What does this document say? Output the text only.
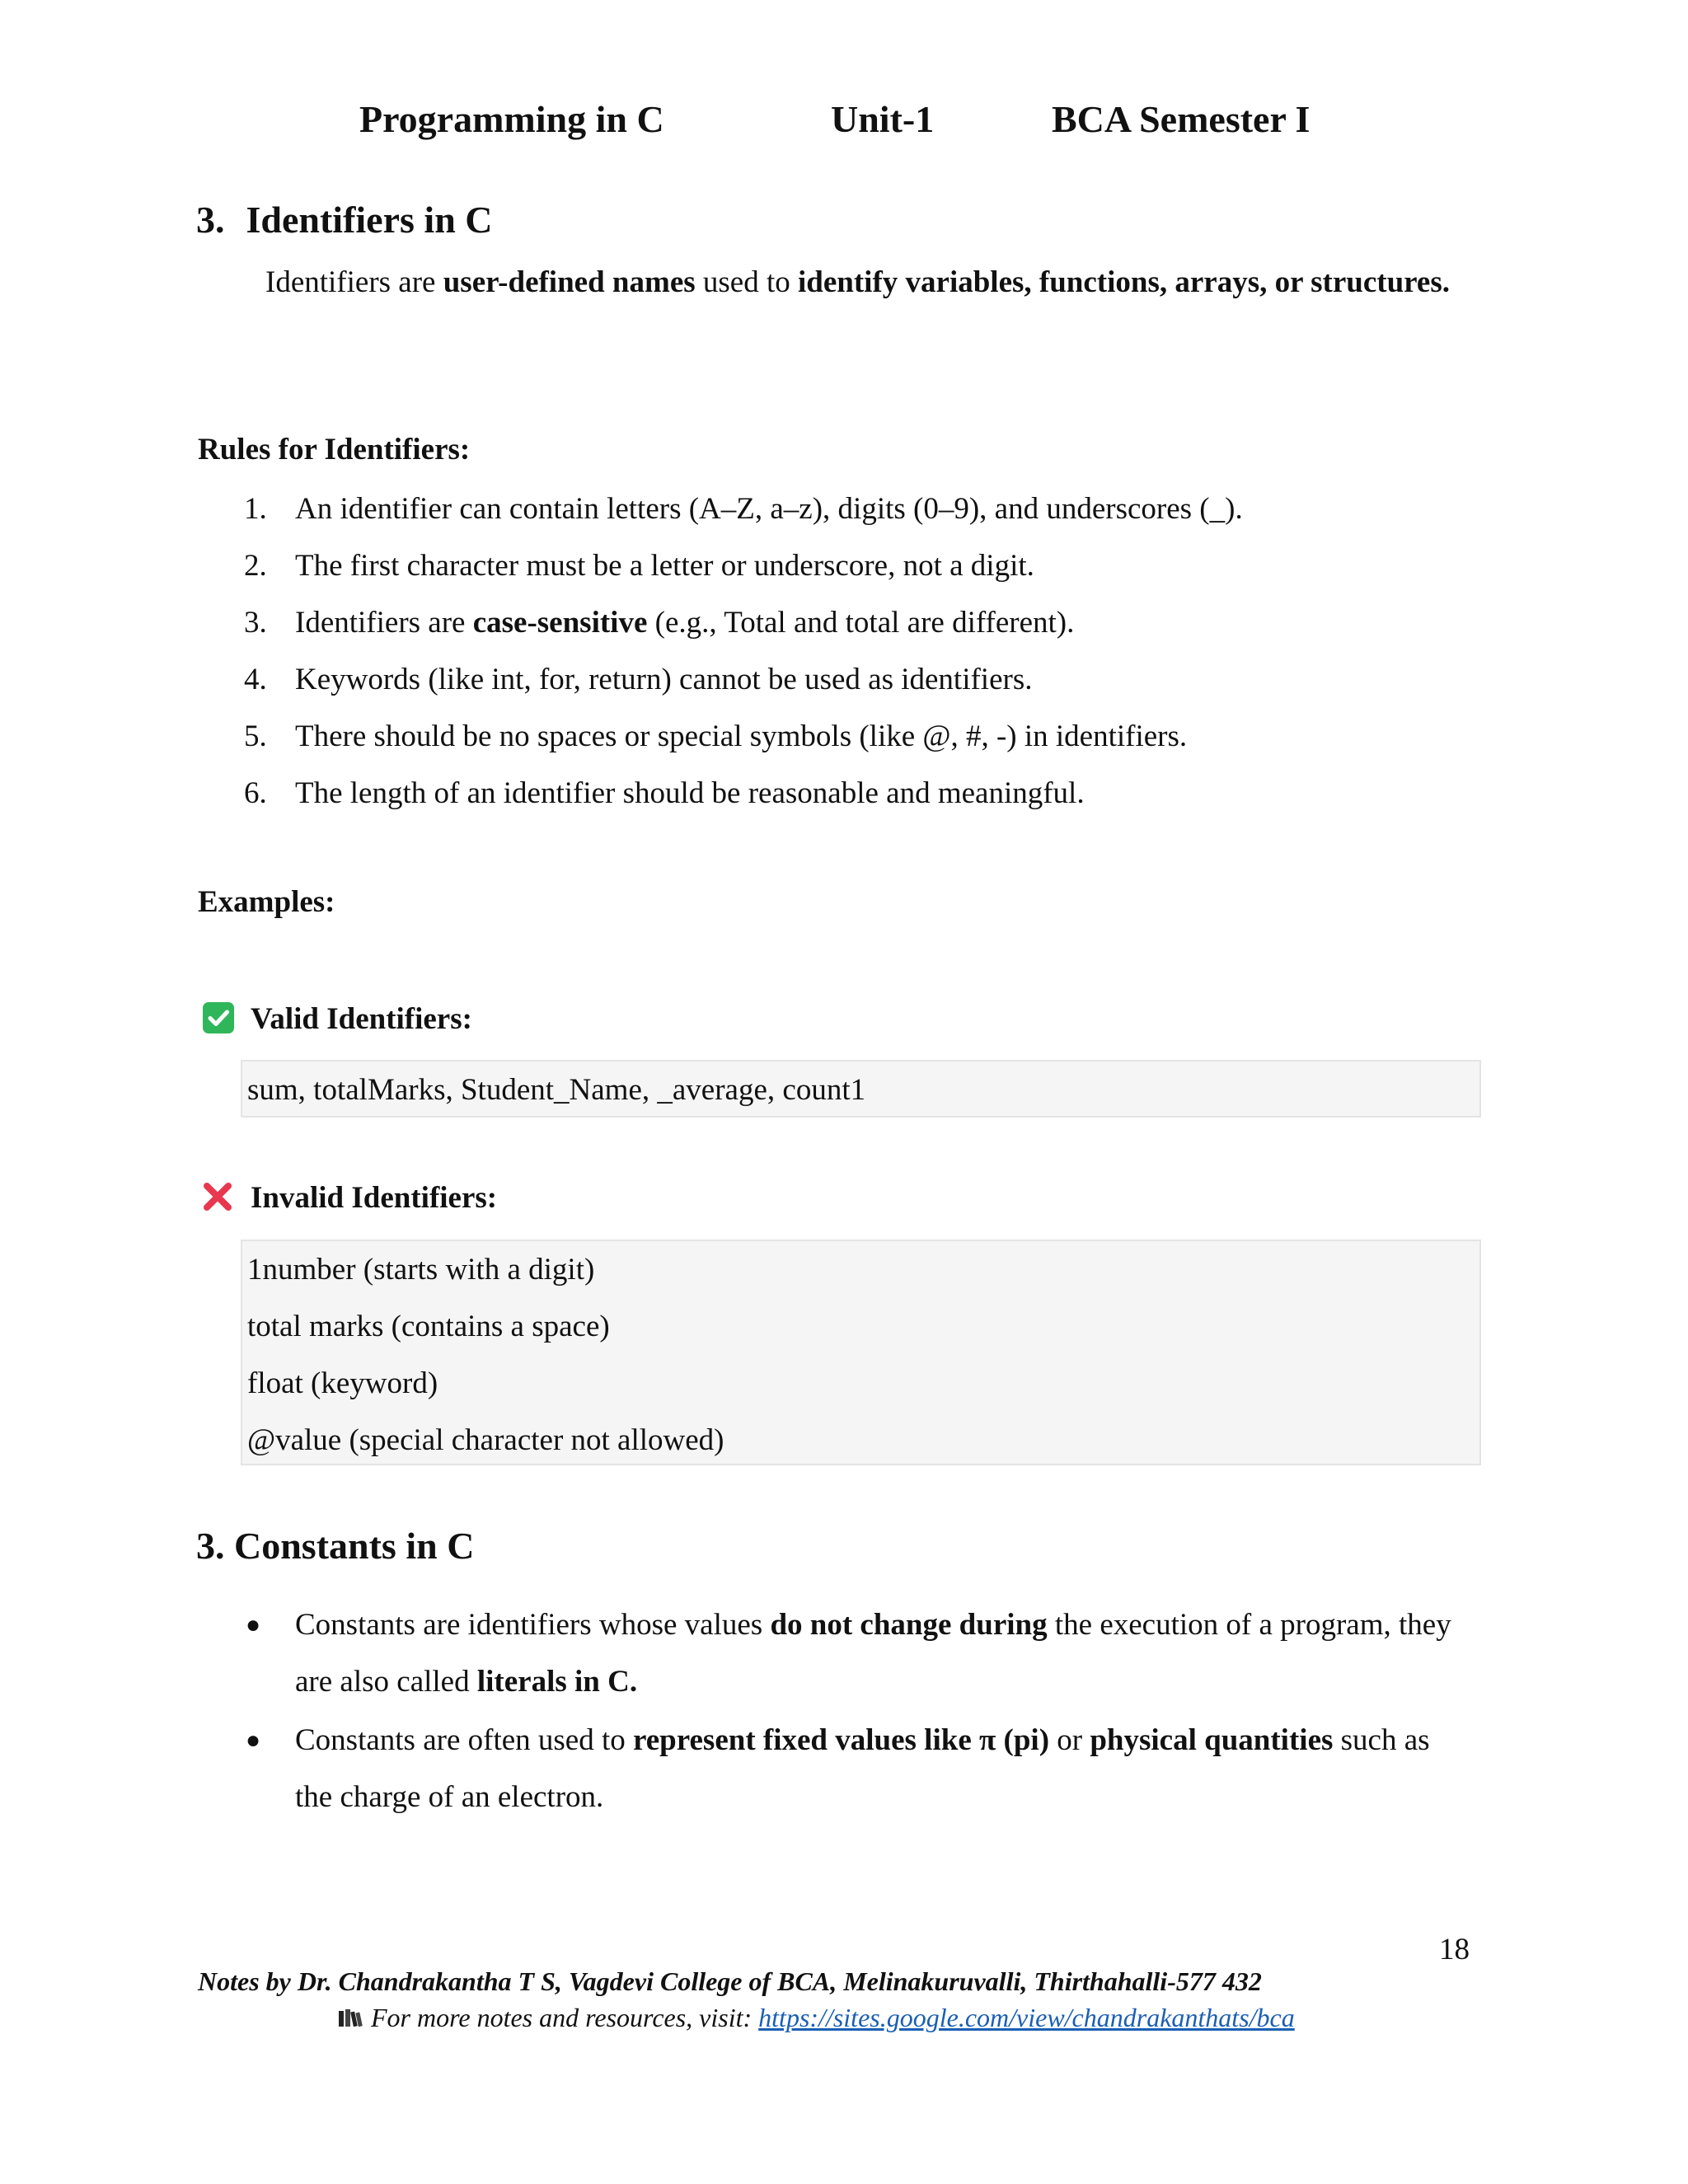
Programming in C	Unit-1	BCA Semester I
3. Identifiers in C

Identifiers are user-defined names used to identify variables, functions, arrays, or structures.

Rules for Identifiers:
1. An identifier can contain letters (A–Z, a–z), digits (0–9), and underscores (_).
2. The first character must be a letter or underscore, not a digit.
3. Identifiers are case-sensitive (e.g., Total and total are different).
4. Keywords (like int, for, return) cannot be used as identifiers.
5. There should be no spaces or special symbols (like @, #, -) in identifiers.
6. The length of an identifier should be reasonable and meaningful.
Examples:
Valid Identifiers:
sum, totalMarks, Student_Name, _average, count1
Invalid Identifiers:
1number (starts with a digit)
total marks (contains a space)
float (keyword)
@value (special character not allowed)
3. Constants in C
● Constants are identifiers whose values do not change during the execution of a program, they are also called literals in C.
● Constants are often used to represent fixed values like π (pi) or physical quantities such as the charge of an electron.
18
Notes by Dr. Chandrakantha T S, Vagdevi College of BCA, Melinakuruvalli, Thirthahalli-577 432
For more notes and resources, visit: https://sites.google.com/view/chandrakanthats/bca
